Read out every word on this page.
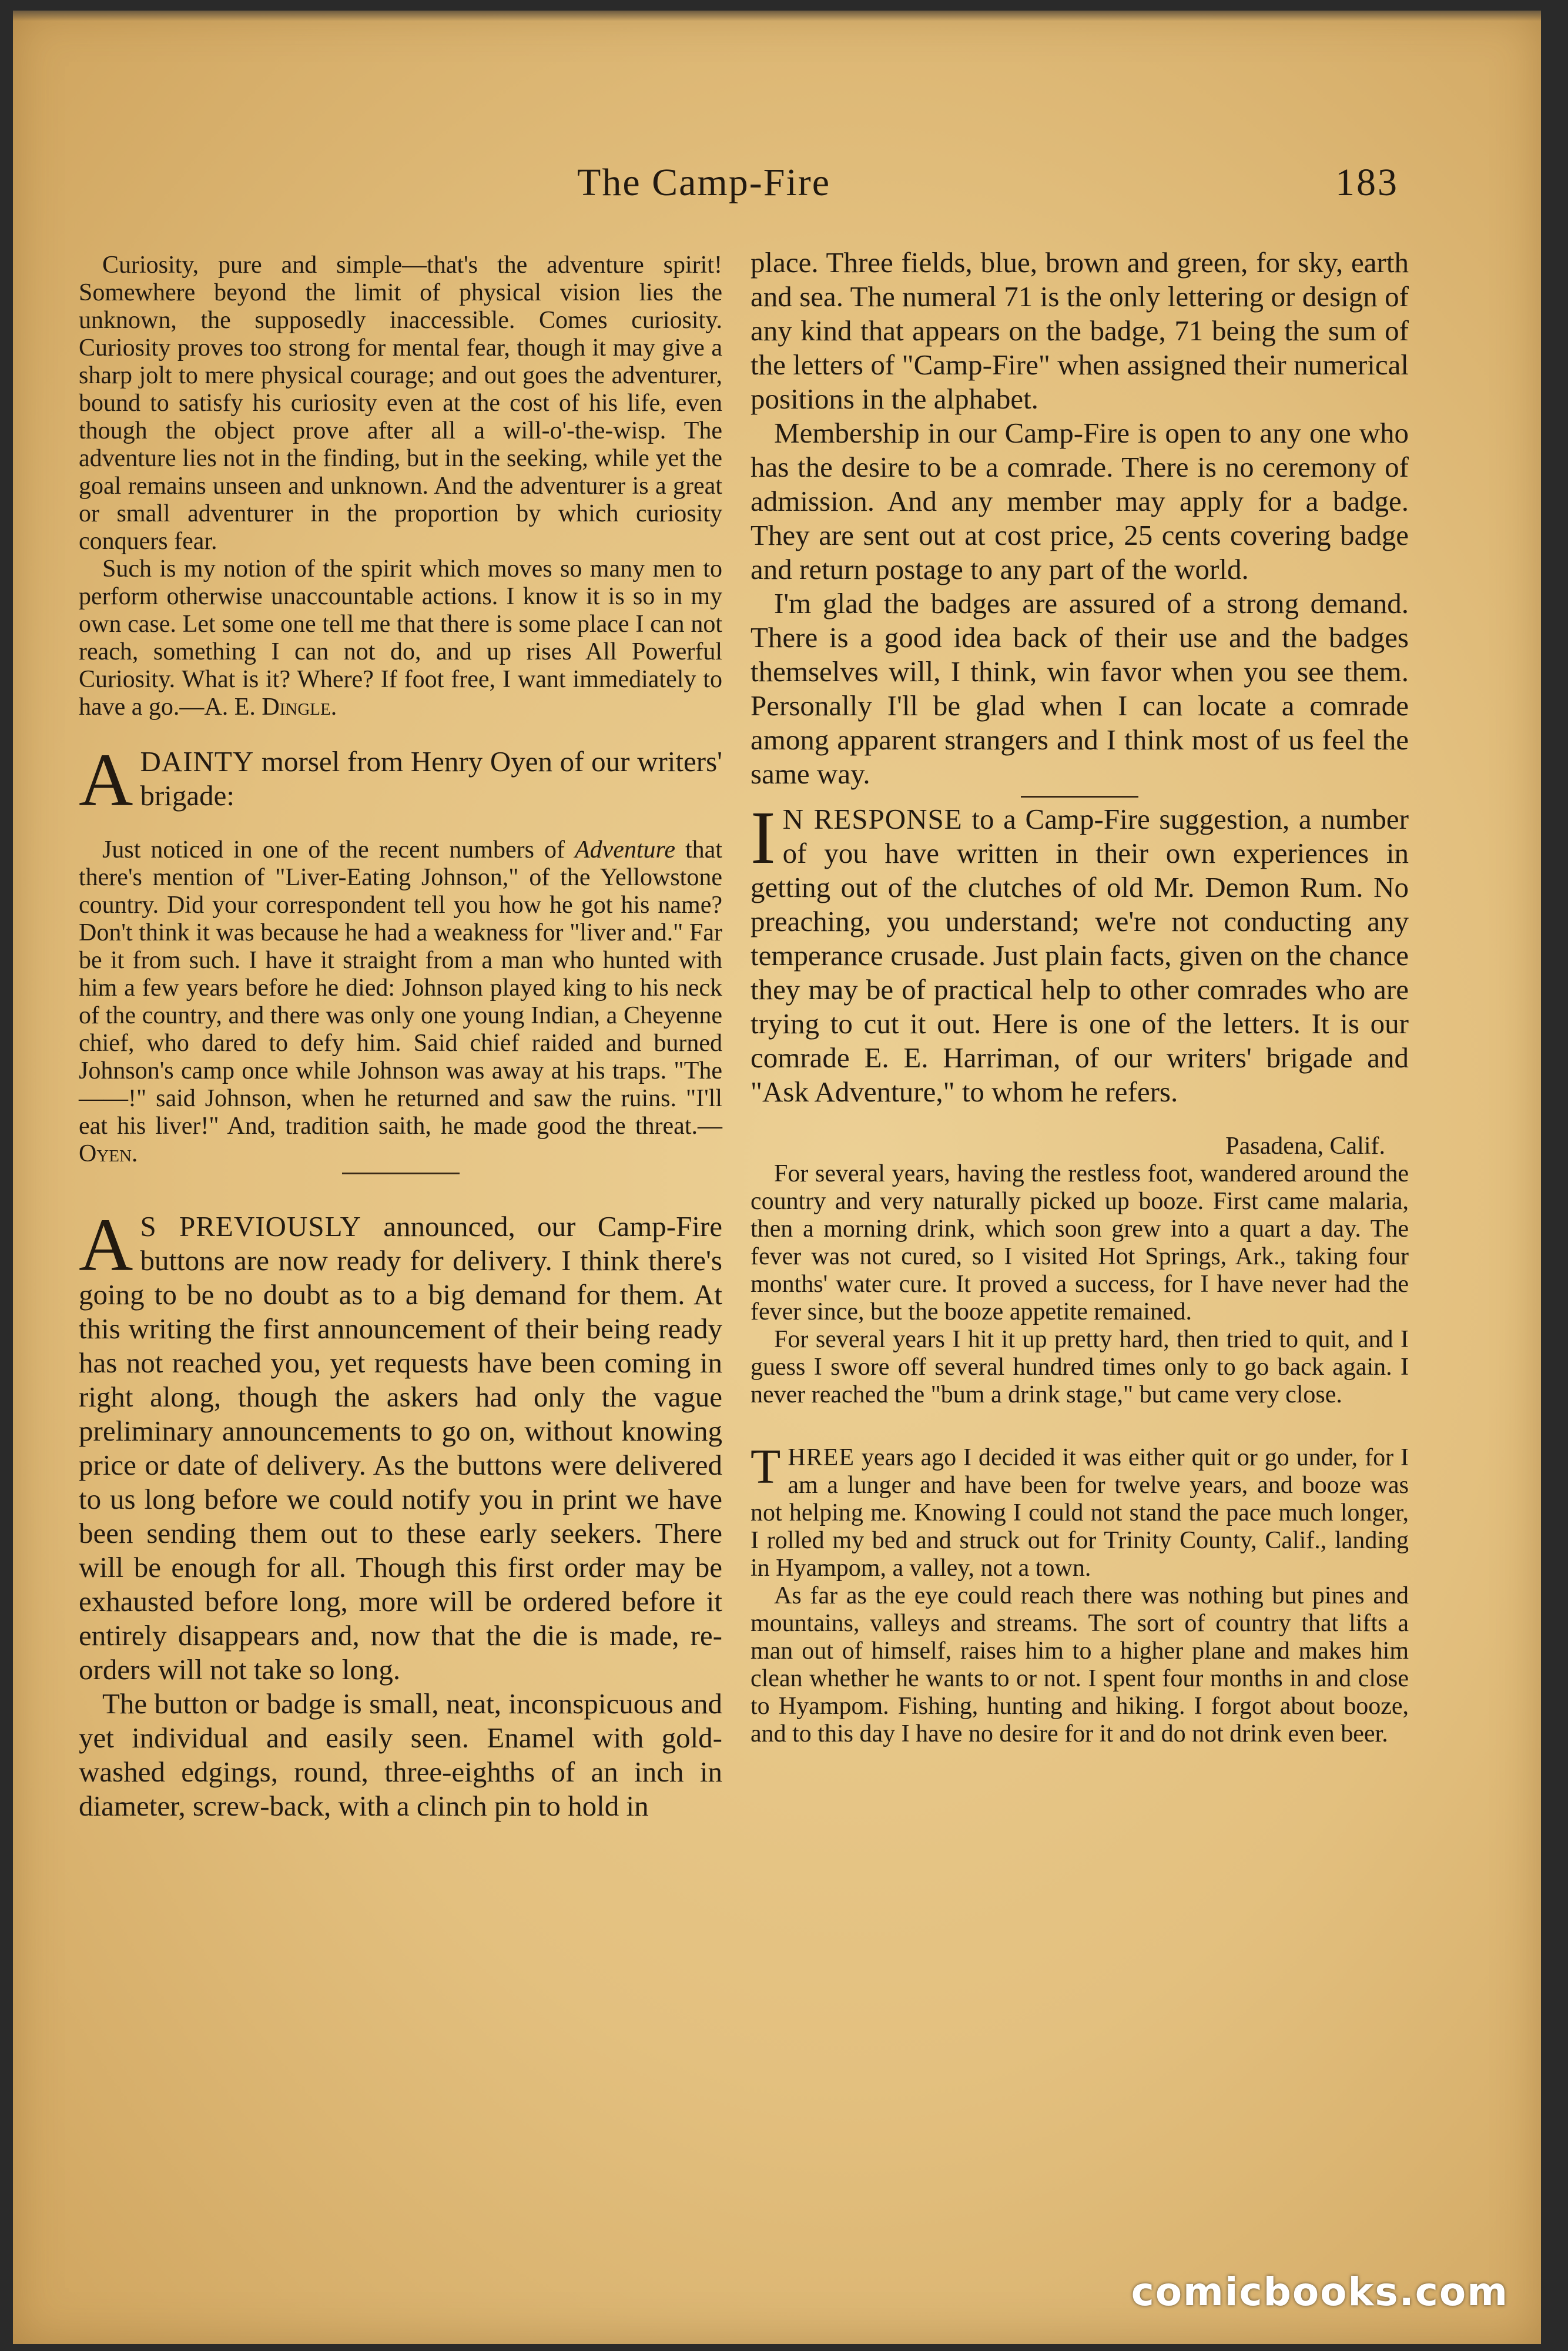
The Camp-Fire	183

Curiosity, pure and simple—that's the adventure spirit! Somewhere beyond the limit of physical vision lies the unknown, the supposedly inaccessible. Comes curiosity. Curiosity proves too strong for mental fear, though it may give a sharp jolt to mere physical courage; and out goes the adventurer, bound to satisfy his curiosity even at the cost of his life, even though the object prove after all a will-o'-the-wisp. The adventure lies not in the finding, but in the seeking, while yet the goal remains unseen and unknown. And the adventurer is a great or small adventurer in the proportion by which curiosity conquers fear.

Such is my notion of the spirit which moves so many men to perform otherwise unaccountable actions. I know it is so in my own case. Let some one tell me that there is some place I can not reach, something I can not do, and up rises All Powerful Curiosity. What is it? Where? If foot free, I want immediately to have a go.—A. E. Dingle.

ADAINTY morsel from Henry Oyen of our writers' brigade:

Just noticed in one of the recent numbers of Adventure that there's mention of "Liver-Eating Johnson," of the Yellowstone country. Did your correspondent tell you how he got his name? Don't think it was because he had a weakness for "liver and." Far be it from such. I have it straight from a man who hunted with him a few years before he died: Johnson played king to his neck of the country, and there was only one young Indian, a Cheyenne chief, who dared to defy him. Said chief raided and burned Johnson's camp once while Johnson was away at his traps. "The ——!" said Johnson, when he returned and saw the ruins. "I'll eat his liver!" And, tradition saith, he made good the threat.—Oyen.

A S PREVIOUSLY announced, our Camp-Fire buttons are now ready for delivery. I think there's going to be no doubt as to a big demand for them. At this writing the first announcement of their being ready has not reached you, yet requests have been coming in right along, though the askers had only the vague preliminary announcements to go on, without knowing price or date of delivery. As the buttons were delivered to us long before we could notify you in print we have been sending them out to these early seekers. There will be enough for all. Though this first order may be exhausted before long, more will be ordered before it entirely disappears and, now that the die is made, re-orders will not take so long.

The button or badge is small, neat, inconspicuous and yet individual and easily seen. Enamel with gold-washed edgings, round, three-eighths of an inch in diameter, screw-back, with a clinch pin to hold in

place. Three fields, blue, brown and green, for sky, earth and sea. The numeral 71 is the only lettering or design of any kind that appears on the badge, 71 being the sum of the letters of "Camp-Fire" when assigned their numerical positions in the alphabet.

Membership in our Camp-Fire is open to any one who has the desire to be a comrade. There is no ceremony of admission. And any member may apply for a badge. They are sent out at cost price, 25 cents covering badge and return postage to any part of the world.

I'm glad the badges are assured of a strong demand. There is a good idea back of their use and the badges themselves will, I think, win favor when you see them. Personally I'll be glad when I can locate a comrade among apparent strangers and I think most of us feel the same way.

I N RESPONSE to a Camp-Fire suggestion, a number of you have written in their own experiences in getting out of the clutches of old Mr. Demon Rum. No preaching, you understand; we're not conducting any temperance crusade. Just plain facts, given on the chance they may be of practical help to other comrades who are trying to cut it out. Here is one of the letters. It is our comrade E. E. Harriman, of our writers' brigade and "Ask Adventure," to whom he refers.

Pasadena, Calif.

For several years, having the restless foot, wandered around the country and very naturally picked up booze. First came malaria, then a morning drink, which soon grew into a quart a day. The fever was not cured, so I visited Hot Springs, Ark., taking four months' water cure. It proved a success, for I have never had the fever since, but the booze appetite remained.

For several years I hit it up pretty hard, then tried to quit, and I guess I swore off several hundred times only to go back again. I never reached the "bum a drink stage," but came very close.

THREE years ago I decided it was either quit or go under, for I am a lunger and have been for twelve years, and booze was not helping me. Knowing I could not stand the pace much longer, I rolled my bed and struck out for Trinity County, Calif., landing in Hyampom, a valley, not a town.

As far as the eye could reach there was nothing but pines and mountains, valleys and streams. The sort of country that lifts a man out of himself, raises him to a higher plane and makes him clean whether he wants to or not. I spent four months in and close to Hyampom. Fishing, hunting and hiking. I forgot about booze, and to this day I have no desire for it and do not drink even beer.

comicbooks.com
